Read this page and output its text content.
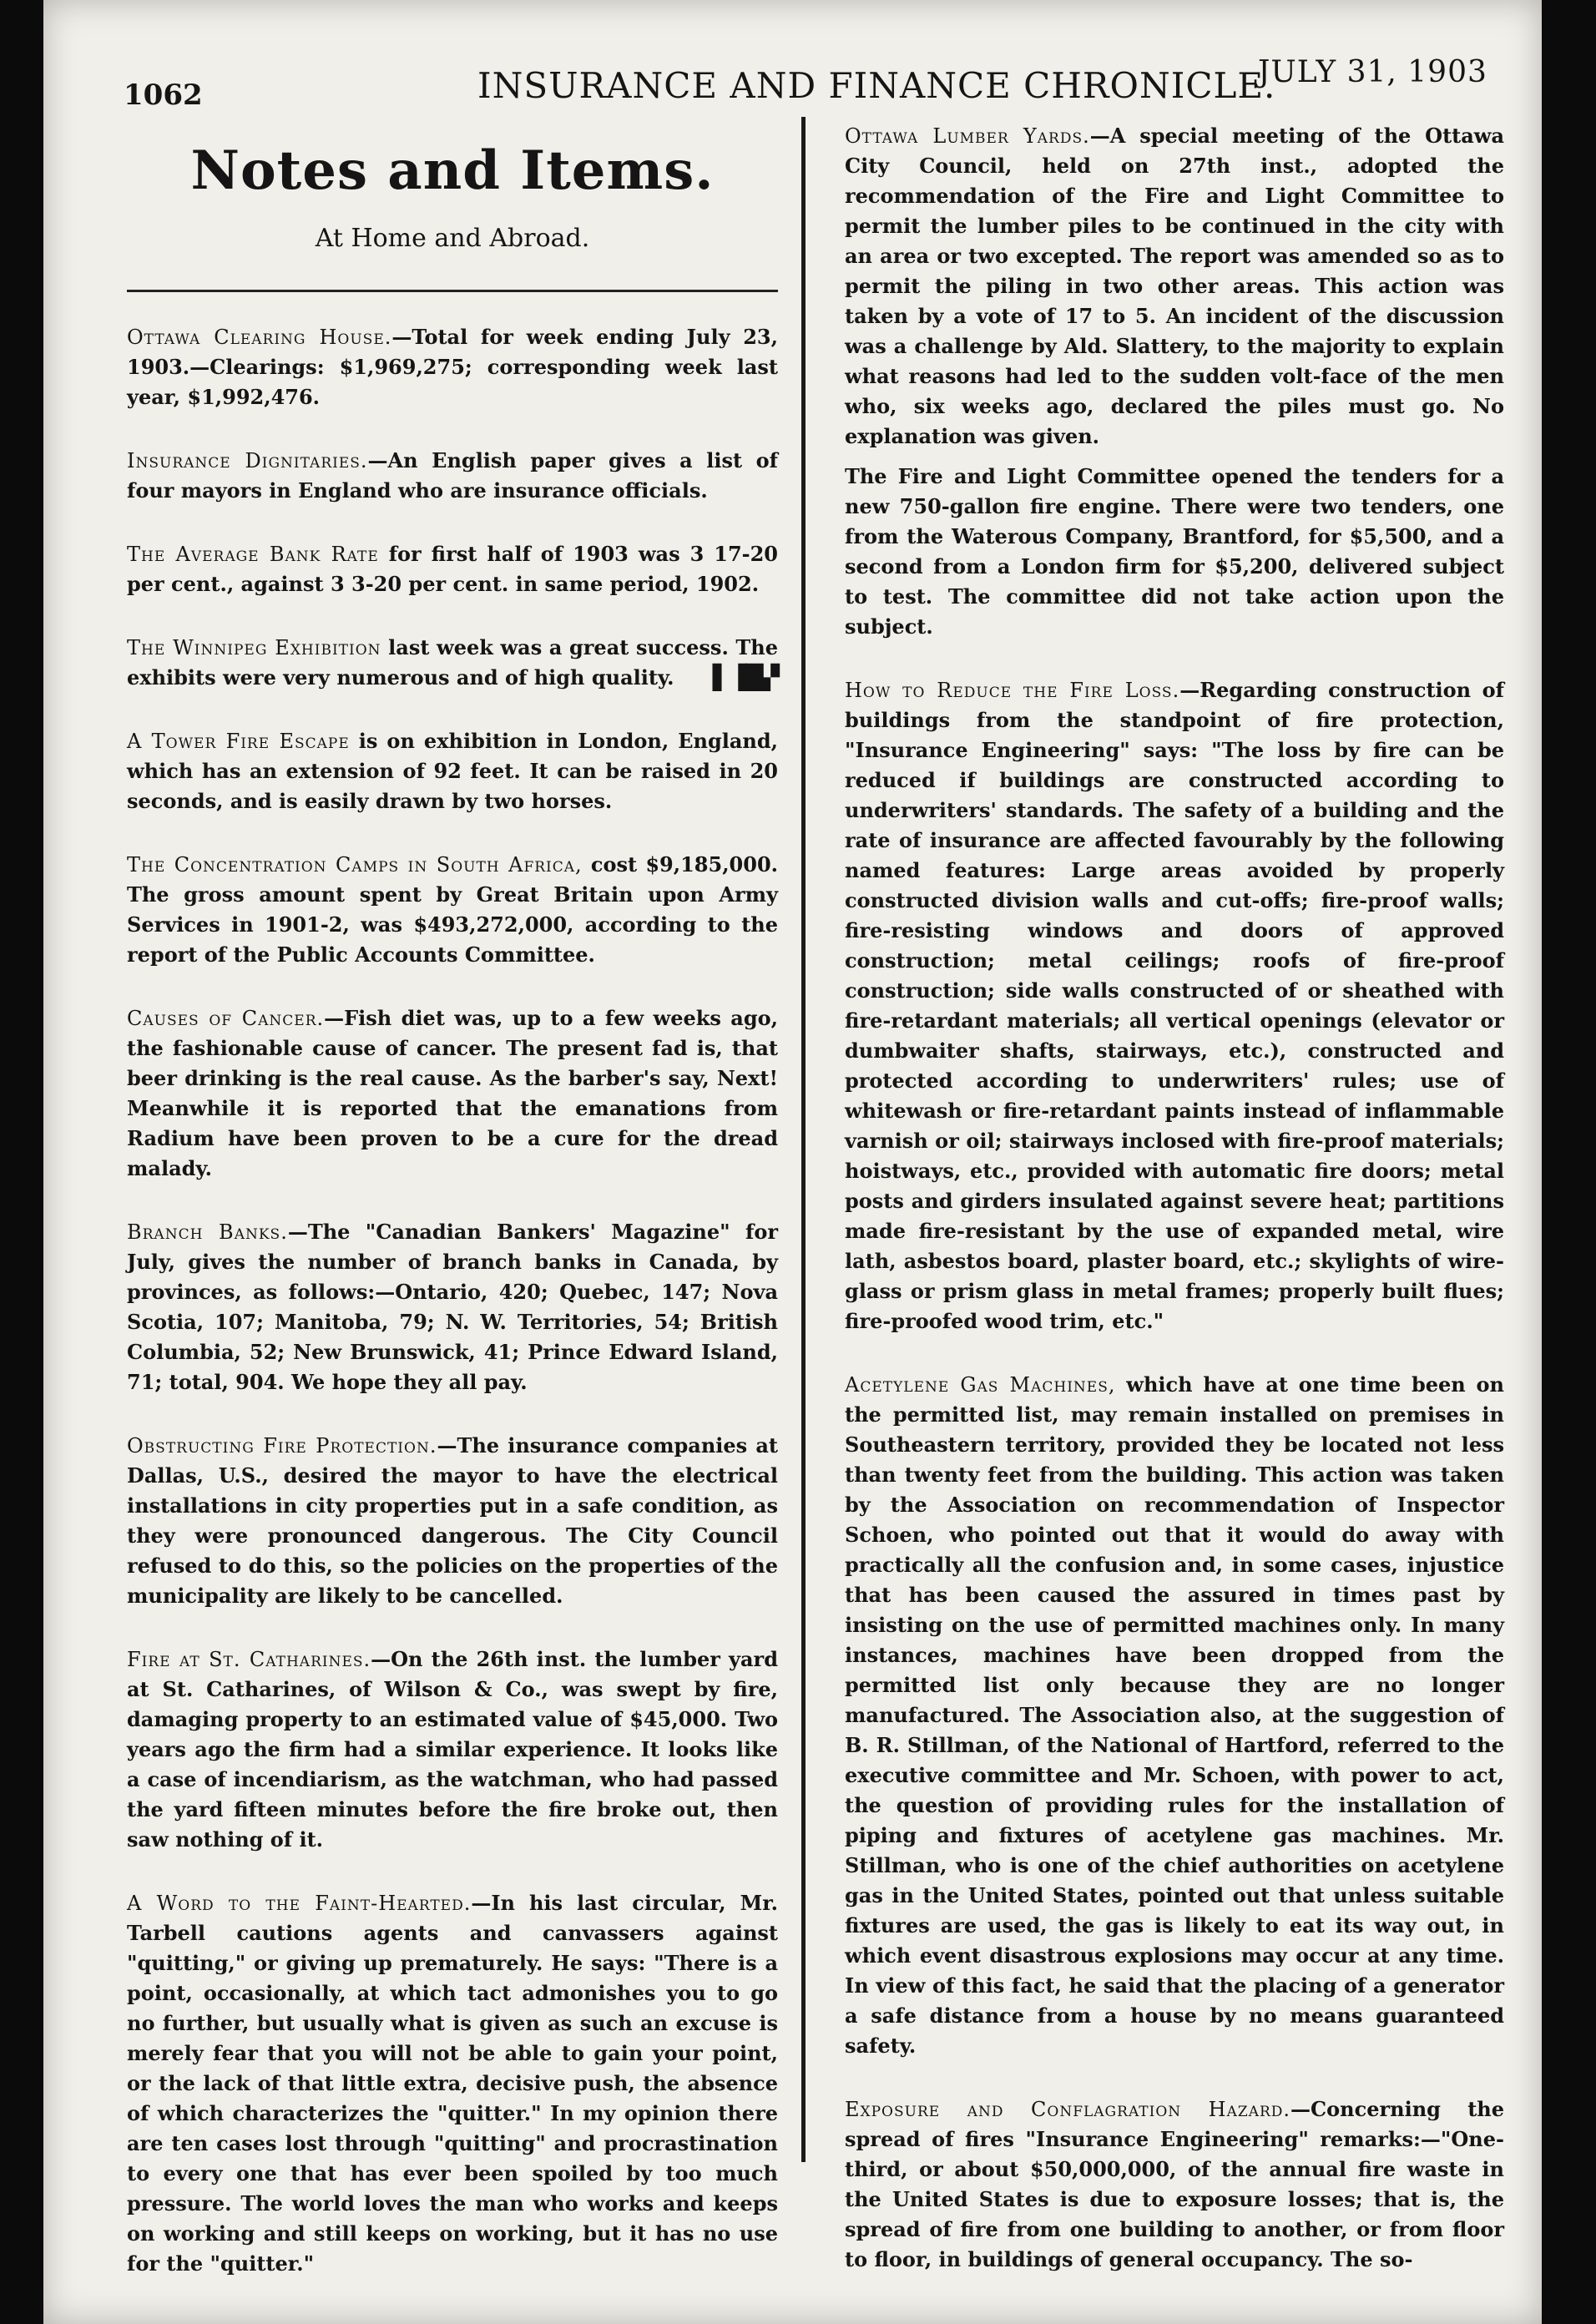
1062	INSURANCE AND FINANCE CHRONICLE.
JULY 31, 1903
Notes and Items.
At Home and Abroad.

Ottawa Clearing House.—Total for week ending July 23, 1903.—Clearings: $1,969,275; corresponding week last year, $1,992,476.

Insurance Dignitaries.—An English paper gives a list of four mayors in England who are insurance officials.

The Average Bank Rate for first half of 1903 was 3 17-20 per cent., against 3 3-20 per cent. in same period, 1902.

The Winnipeg Exhibition last week was a great success. The exhibits were very numerous and of high quality. ▌▐█▞

A Tower Fire Escape is on exhibition in London, England, which has an extension of 92 feet. It can be raised in 20 seconds, and is easily drawn by two horses.

The Concentration Camps in South Africa, cost $9,185,000. The gross amount spent by Great Britain upon Army Services in 1901-2, was $493,272,000, according to the report of the Public Accounts Committee.

Causes of Cancer.—Fish diet was, up to a few weeks ago, the fashionable cause of cancer. The present fad is, that beer drinking is the real cause. As the barber's say, Next! Meanwhile it is reported that the emanations from Radium have been proven to be a cure for the dread malady.

Branch Banks.—The "Canadian Bankers' Magazine" for July, gives the number of branch banks in Canada, by provinces, as follows:—Ontario, 420; Quebec, 147; Nova Scotia, 107; Manitoba, 79; N. W. Territories, 54; British Columbia, 52; New Brunswick, 41; Prince Edward Island, 71; total, 904. We hope they all pay.

Obstructing Fire Protection.—The insurance companies at Dallas, U.S., desired the mayor to have the electrical installations in city properties put in a safe condition, as they were pronounced dangerous. The City Council refused to do this, so the policies on the properties of the municipality are likely to be cancelled.

Fire at St. Catharines.—On the 26th inst. the lumber yard at St. Catharines, of Wilson & Co., was swept by fire, damaging property to an estimated value of $45,000. Two years ago the firm had a similar experience. It looks like a case of incendiarism, as the watchman, who had passed the yard fifteen minutes before the fire broke out, then saw nothing of it.

A Word to the Faint-Hearted.—In his last circular, Mr. Tarbell cautions agents and canvassers against "quitting," or giving up prematurely. He says: "There is a point, occasionally, at which tact admonishes you to go no further, but usually what is given as such an excuse is merely fear that you will not be able to gain your point, or the lack of that little extra, decisive push, the absence of which characterizes the "quitter." In my opinion there are ten cases lost through "quitting" and procrastination to every one that has ever been spoiled by too much pressure. The world loves the man who works and keeps on working and still keeps on working, but it has no use for the "quitter."

Ottawa Lumber Yards.—A special meeting of the Ottawa City Council, held on 27th inst., adopted the recommendation of the Fire and Light Committee to permit the lumber piles to be continued in the city with an area or two excepted. The report was amended so as to permit the piling in two other areas. This action was taken by a vote of 17 to 5. An incident of the discussion was a challenge by Ald. Slattery, to the majority to explain what reasons had led to the sudden volt-face of the men who, six weeks ago, declared the piles must go. No explanation was given.

The Fire and Light Committee opened the tenders for a new 750-gallon fire engine. There were two tenders, one from the Waterous Company, Brantford, for $5,500, and a second from a London firm for $5,200, delivered subject to test. The committee did not take action upon the subject.

How to Reduce the Fire Loss.—Regarding construction of buildings from the standpoint of fire protection, "Insurance Engineering" says: "The loss by fire can be reduced if buildings are constructed according to underwriters' standards. The safety of a building and the rate of insurance are affected favourably by the following named features: Large areas avoided by properly constructed division walls and cut-offs; fire-proof walls; fire-resisting windows and doors of approved construction; metal ceilings; roofs of fire-proof construction; side walls constructed of or sheathed with fire-retardant materials; all vertical openings (elevator or dumbwaiter shafts, stairways, etc.), constructed and protected according to underwriters' rules; use of whitewash or fire-retardant paints instead of inflammable varnish or oil; stairways inclosed with fire-proof materials; hoistways, etc., provided with automatic fire doors; metal posts and girders insulated against severe heat; partitions made fire-resistant by the use of expanded metal, wire lath, asbestos board, plaster board, etc.; skylights of wire-glass or prism glass in metal frames; properly built flues; fire-proofed wood trim, etc."

Acetylene Gas Machines, which have at one time been on the permitted list, may remain installed on premises in Southeastern territory, provided they be located not less than twenty feet from the building. This action was taken by the Association on recommendation of Inspector Schoen, who pointed out that it would do away with practically all the confusion and, in some cases, injustice that has been caused the assured in times past by insisting on the use of permitted machines only. In many instances, machines have been dropped from the permitted list only because they are no longer manufactured. The Association also, at the suggestion of B. R. Stillman, of the National of Hartford, referred to the executive committee and Mr. Schoen, with power to act, the question of providing rules for the installation of piping and fixtures of acetylene gas machines. Mr. Stillman, who is one of the chief authorities on acetylene gas in the United States, pointed out that unless suitable fixtures are used, the gas is likely to eat its way out, in which event disastrous explosions may occur at any time. In view of this fact, he said that the placing of a generator a safe distance from a house by no means guaranteed safety.

Exposure and Conflagration Hazard.—Concerning the spread of fires "Insurance Engineering" remarks:—"One-third, or about $50,000,000, of the annual fire waste in the United States is due to exposure losses; that is, the spread of fire from one building to another, or from floor to floor, in buildings of general occupancy. The so-
